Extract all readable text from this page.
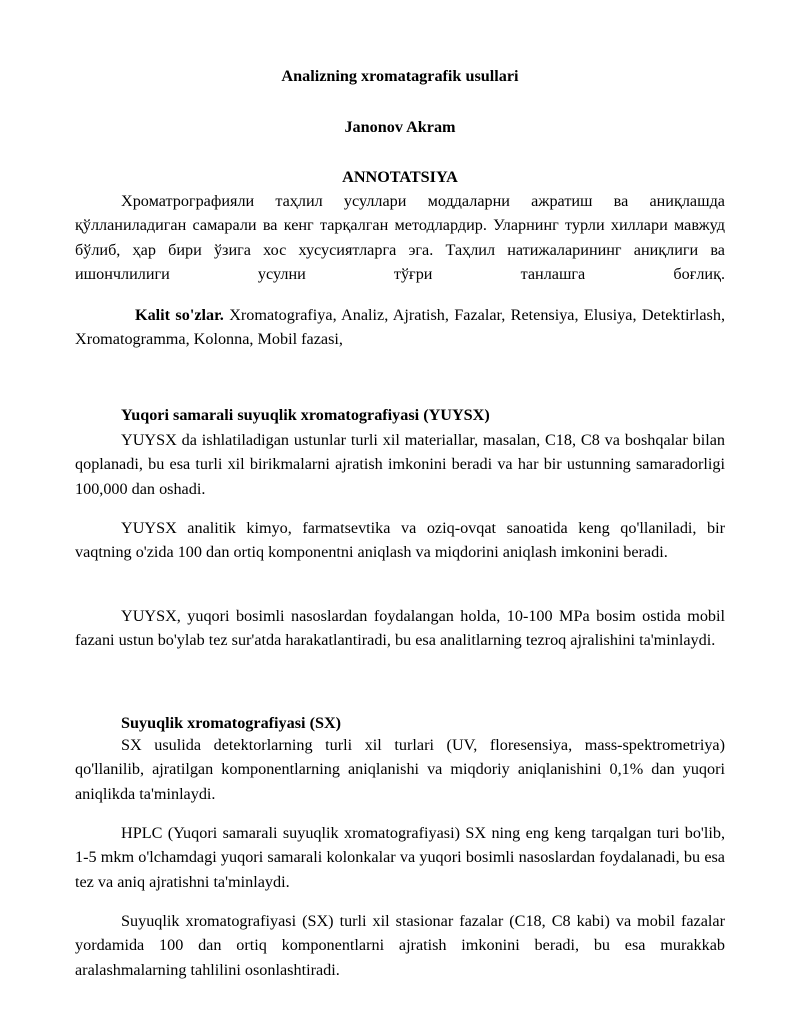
Analizning xromatagrafik usullari

Janonov Akram

ANNOTATSIYA

Хроматрографияли таҳлил усуллари моддаларни ажратиш ва аниқлашда қўлланиладиган самарали ва кенг тарқалган методлардир. Уларнинг турли хиллари мавжуд бўлиб, ҳар бири ўзига хос хусусиятларга эга. Таҳлил натижаларининг аниқлиги ва ишончлилиги усулни тўғри танлашга боғлиқ.

Kalit so'zlar. Xromatografiya, Analiz, Ajratish, Fazalar, Retensiya, Elusiya, Detektirlash, Xromatogramma, Kolonna, Mobil fazasi,

Yuqori samarali suyuqlik xromatografiyasi (YUYSX)

YUYSX da ishlatiladigan ustunlar turli xil materiallar, masalan, C18, C8 va boshqalar bilan qoplanadi, bu esa turli xil birikmalarni ajratish imkonini beradi va har bir ustunning samaradorligi 100,000 dan oshadi.

YUYSX analitik kimyo, farmatsevtika va oziq-ovqat sanoatida keng qo'llaniladi, bir vaqtning o'zida 100 dan ortiq komponentni aniqlash va miqdorini aniqlash imkonini beradi.

YUYSX, yuqori bosimli nasoslardan foydalangan holda, 10-100 MPa bosim ostida mobil fazani ustun bo'ylab tez sur'atda harakatlantiradi, bu esa analitlarning tezroq ajralishini ta'minlaydi.

Suyuqlik xromatografiyasi (SX)

SX usulida detektorlarning turli xil turlari (UV, floresensiya, mass-spektrometriya) qo'llanilib, ajratilgan komponentlarning aniqlanishi va miqdoriy aniqlanishini 0,1% dan yuqori aniqlikda ta'minlaydi.

HPLC (Yuqori samarali suyuqlik xromatografiyasi) SX ning eng keng tarqalgan turi bo'lib, 1-5 mkm o'lchamdagi yuqori samarali kolonkalar va yuqori bosimli nasoslardan foydalanadi, bu esa tez va aniq ajratishni ta'minlaydi.

Suyuqlik xromatografiyasi (SX) turli xil stasionar fazalar (C18, C8 kabi) va mobil fazalar yordamida 100 dan ortiq komponentlarni ajratish imkonini beradi, bu esa murakkab aralashmalarning tahlilini osonlashtiradi.
